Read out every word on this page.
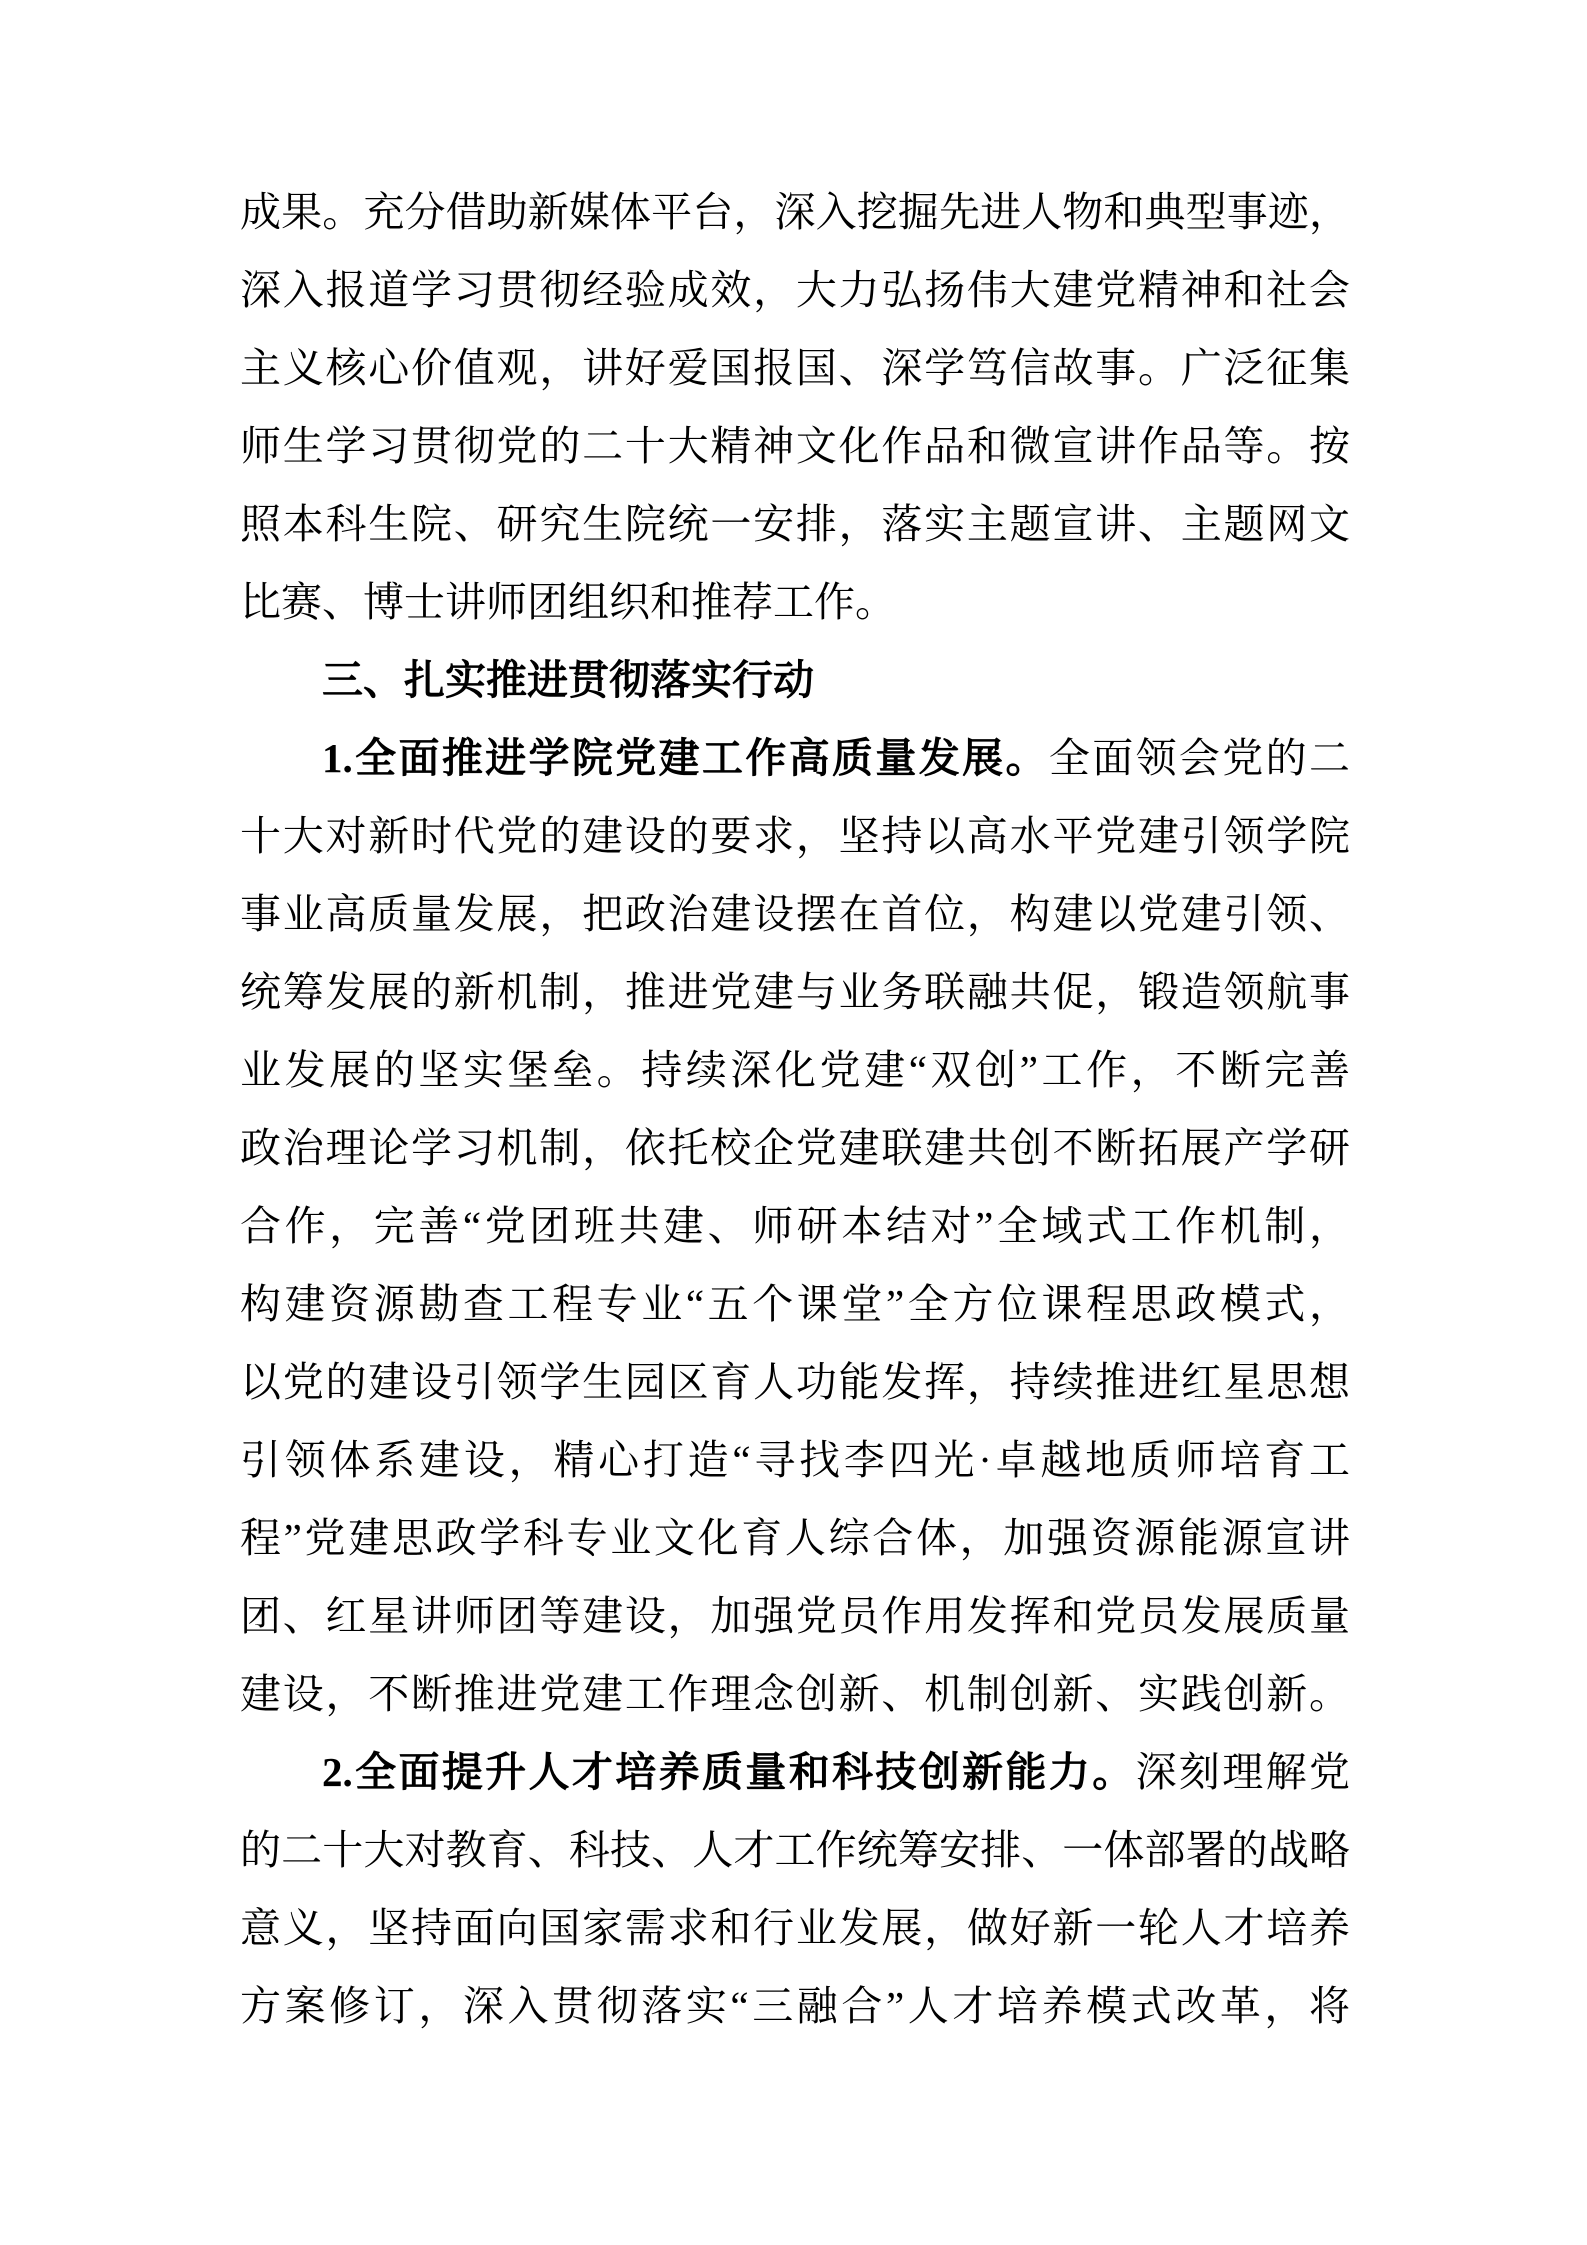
成果。充分借助新媒体平台，深入挖掘先进人物和典型事迹，
深入报道学习贯彻经验成效，大力弘扬伟大建党精神和社会
主义核心价值观，讲好爱国报国、深学笃信故事。广泛征集
师生学习贯彻党的二十大精神文化作品和微宣讲作品等。按
照本科生院、研究生院统一安排，落实主题宣讲、主题网文
比赛、博士讲师团组织和推荐工作。
三、扎实推进贯彻落实行动
1.全面推进学院党建工作高质量发展。全面领会党的二
十大对新时代党的建设的要求，坚持以高水平党建引领学院
事业高质量发展，把政治建设摆在首位，构建以党建引领、
统筹发展的新机制，推进党建与业务联融共促，锻造领航事
业发展的坚实堡垒。持续深化党建“双创”工作，不断完善
政治理论学习机制，依托校企党建联建共创不断拓展产学研
合作，完善“党团班共建、师研本结对”全域式工作机制，
构建资源勘查工程专业“五个课堂”全方位课程思政模式，
以党的建设引领学生园区育人功能发挥，持续推进红星思想
引领体系建设，精心打造“寻找李四光·卓越地质师培育工
程”党建思政学科专业文化育人综合体，加强资源能源宣讲
团、红星讲师团等建设，加强党员作用发挥和党员发展质量
建设，不断推进党建工作理念创新、机制创新、实践创新。
2.全面提升人才培养质量和科技创新能力。深刻理解党
的二十大对教育、科技、人才工作统筹安排、一体部署的战略
意义，坚持面向国家需求和行业发展，做好新一轮人才培养
方案修订，深入贯彻落实“三融合”人才培养模式改革，将
